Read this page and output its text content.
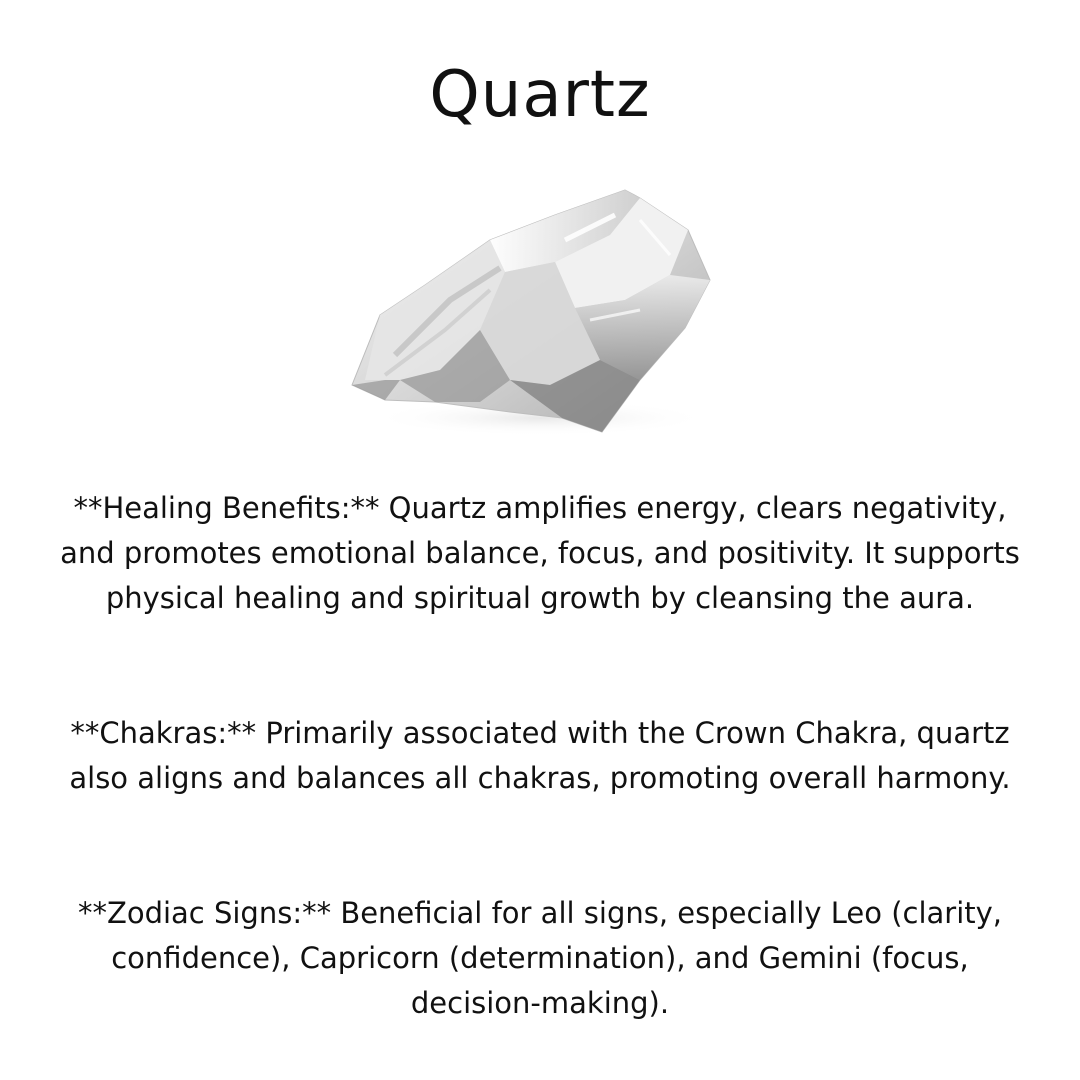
Quartz
**Healing Benefits:** Quartz amplifies energy, clears negativity, and promotes emotional balance, focus, and positivity. It supports physical healing and spiritual growth by cleansing the aura.
**Chakras:** Primarily associated with the Crown Chakra, quartz also aligns and balances all chakras, promoting overall harmony.
**Zodiac Signs:** Beneficial for all signs, especially Leo (clarity, confidence), Capricorn (determination), and Gemini (focus, decision-making).
